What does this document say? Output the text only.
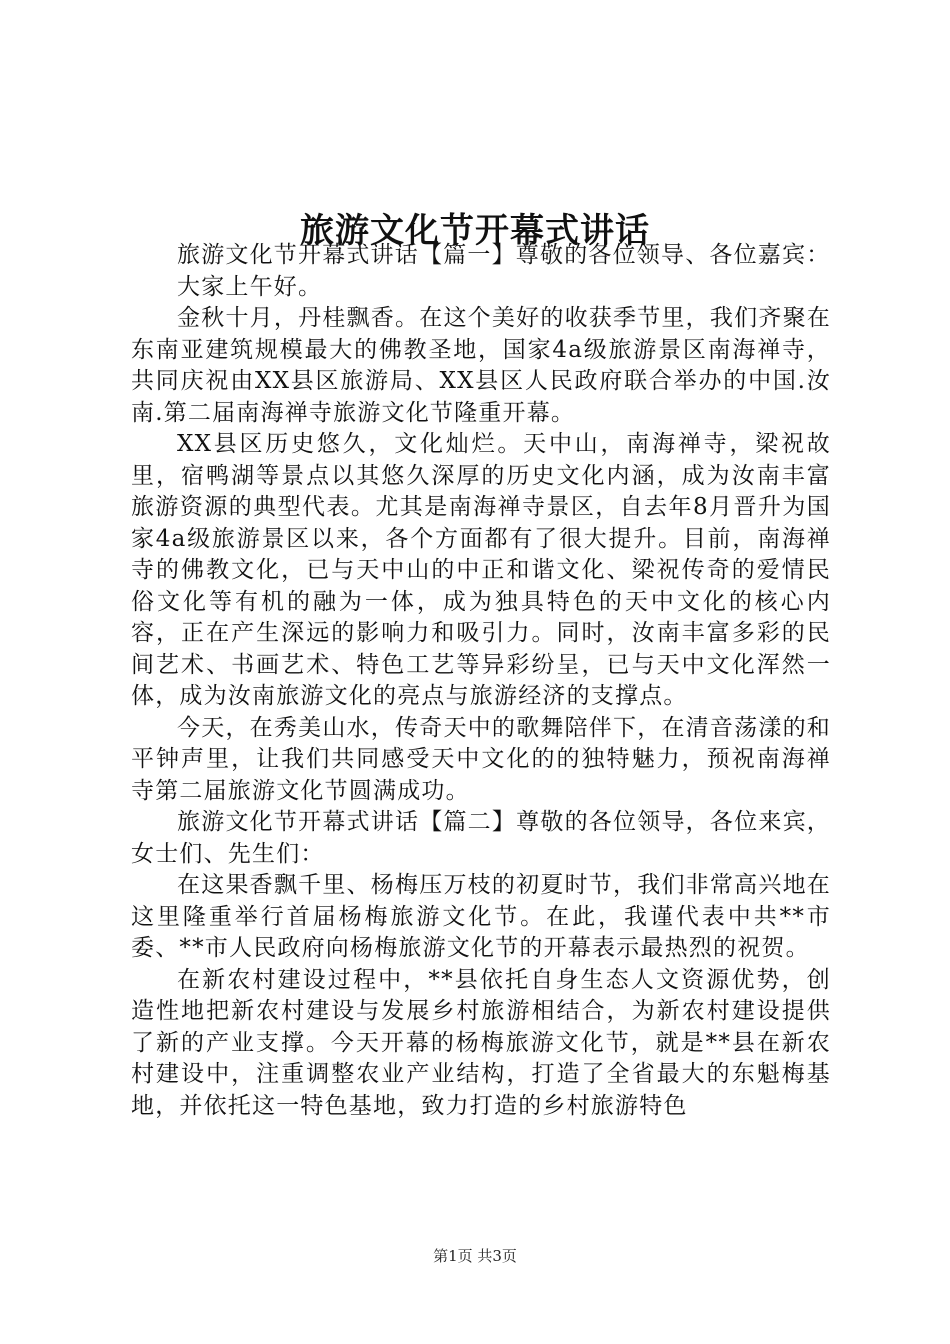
旅游文化节开幕式讲话

旅游文化节开幕式讲话【篇一】尊敬的各位领导、各位嘉宾：

大家上午好。

金秋十月，丹桂飘香。在这个美好的收获季节里，我们齐聚在东南亚建筑规模最大的佛教圣地，国家4a级旅游景区南海禅寺，共同庆祝由XX县区旅游局、XX县区人民政府联合举办的中国.汝南.第二届南海禅寺旅游文化节隆重开幕。

XX县区历史悠久，文化灿烂。天中山，南海禅寺，梁祝故里，宿鸭湖等景点以其悠久深厚的历史文化内涵，成为汝南丰富旅游资源的典型代表。尤其是南海禅寺景区，自去年8月晋升为国家4a级旅游景区以来，各个方面都有了很大提升。目前，南海禅寺的佛教文化，已与天中山的中正和谐文化、梁祝传奇的爱情民俗文化等有机的融为一体，成为独具特色的天中文化的核心内容，正在产生深远的影响力和吸引力。同时，汝南丰富多彩的民间艺术、书画艺术、特色工艺等异彩纷呈，已与天中文化浑然一体，成为汝南旅游文化的亮点与旅游经济的支撑点。

今天，在秀美山水，传奇天中的歌舞陪伴下，在清音荡漾的和平钟声里，让我们共同感受天中文化的的独特魅力，预祝南海禅寺第二届旅游文化节圆满成功。

旅游文化节开幕式讲话【篇二】尊敬的各位领导，各位来宾，女士们、先生们：

在这果香飘千里、杨梅压万枝的初夏时节，我们非常高兴地在这里隆重举行首届杨梅旅游文化节。在此，我谨代表中共**市委、**市人民政府向杨梅旅游文化节的开幕表示最热烈的祝贺。

在新农村建设过程中，**县依托自身生态人文资源优势，创造性地把新农村建设与发展乡村旅游相结合，为新农村建设提供了新的产业支撑。今天开幕的杨梅旅游文化节，就是**县在新农村建设中，注重调整农业产业结构，打造了全省最大的东魁梅基地，并依托这一特色基地，致力打造的乡村旅游特色

第1页 共3页
